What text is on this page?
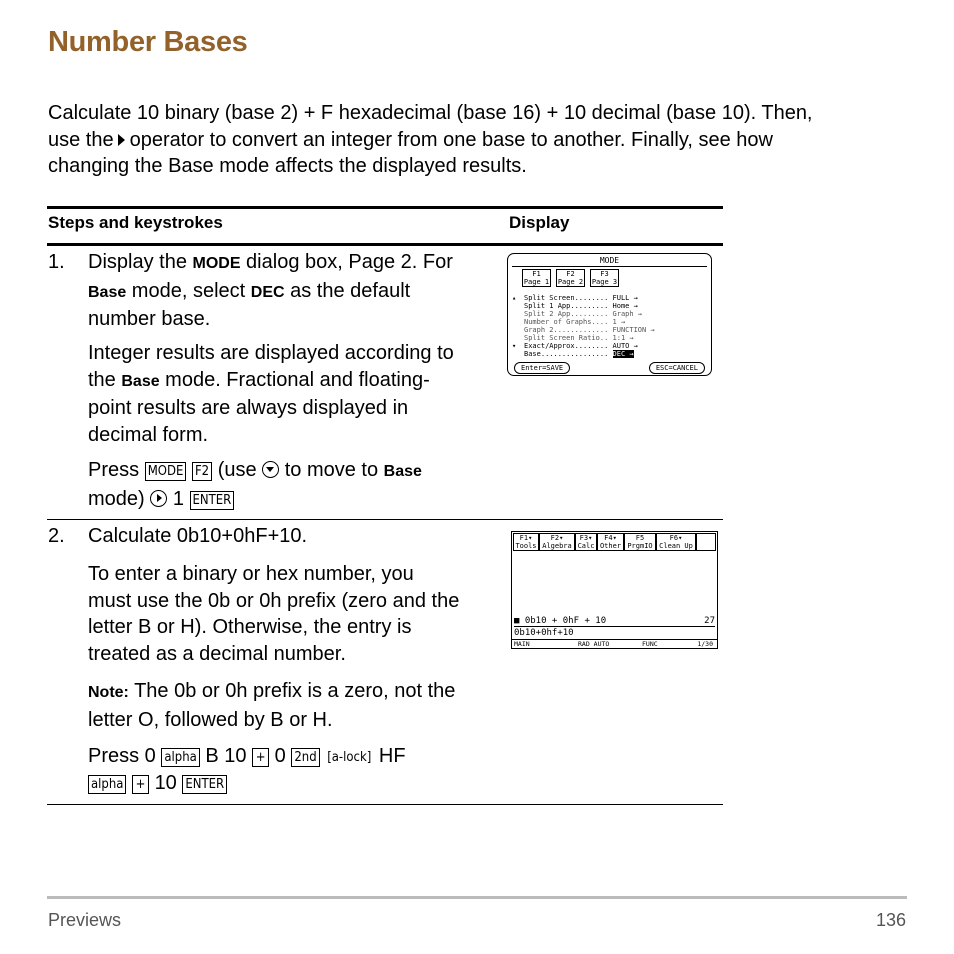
Number Bases
Calculate 10 binary (base 2) + F hexadecimal (base 16) + 10 decimal (base 10). Then,
use the operator to convert an integer from one base to another. Finally, see how
changing the Base mode affects the displayed results.
Steps and keystrokes	Display
1. Display the MODE dialog box, Page 2. For
Base mode, select DEC as the default
number base.
Integer results are displayed according to
the Base mode. Fractional and floating-
point results are always displayed in
decimal form.
Press MODE F2 (use to move to Base
mode) 1 ENTER
MODE
F1
Page 1
F2
Page 2
F3
Page 3
▴ Split Screen........ FULL →
Split 1 App......... Home →
Split 2 App......... Graph →
Number of Graphs.... 1 →
Graph 2............. FUNCTION →
Split Screen Ratio.. 1:1 →
▾ Exact/Approx........ AUTO →
Base................ DEC →
Enter=SAVE	ESC=CANCEL
2. Calculate 0b10+0hF+10.
To enter a binary or hex number, you
must use the 0b or 0h prefix (zero and the
letter B or H). Otherwise, the entry is
treated as a decimal number.
Note: The 0b or 0h prefix is a zero, not the
letter O, followed by B or H.
Press 0 alpha B 10 + 0 2nd [a-lock] HF
alpha + 10 ENTER
F1▾
Tools
F2▾
Algebra
F3▾
Calc
F4▾
Other
F5
PrgmIO
F6▾
Clean Up
■ 0b10 + 0hF + 10	27
0b10+0hf+10
MAIN	RAD AUTO	FUNC	1/30
Previews	136
